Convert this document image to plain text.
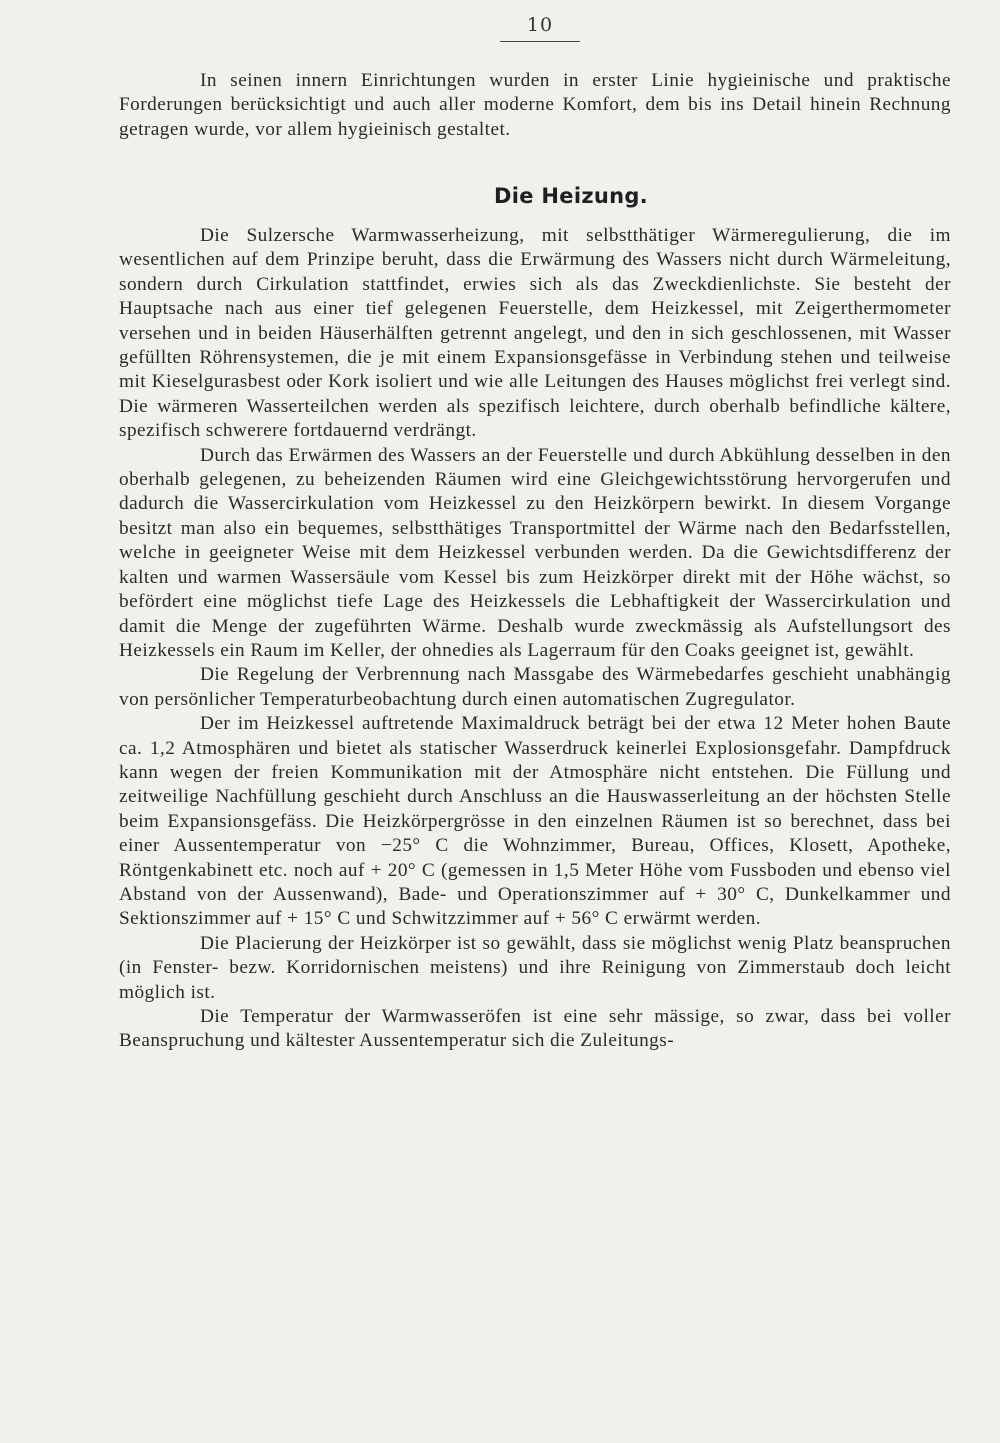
10

In seinen innern Einrichtungen wurden in erster Linie hygieinische und praktische Forderungen berücksichtigt und auch aller moderne Komfort, dem bis ins Detail hinein Rechnung getragen wurde, vor allem hygieinisch gestaltet.

Die Heizung.

Die Sulzersche Warmwasserheizung, mit selbstthätiger Wärmeregulierung, die im wesentlichen auf dem Prinzipe beruht, dass die Erwärmung des Wassers nicht durch Wärmeleitung, sondern durch Cirkulation stattfindet, erwies sich als das Zweckdienlichste. Sie besteht der Hauptsache nach aus einer tief gelegenen Feuerstelle, dem Heizkessel, mit Zeigerthermometer versehen und in beiden Häuserhälften getrennt angelegt, und den in sich geschlossenen, mit Wasser gefüllten Röhrensystemen, die je mit einem Expansionsgefässe in Verbindung stehen und teilweise mit Kieselgurasbest oder Kork isoliert und wie alle Leitungen des Hauses möglichst frei verlegt sind. Die wärmeren Wasserteilchen werden als spezifisch leichtere, durch oberhalb befindliche kältere, spezifisch schwerere fortdauernd verdrängt.

Durch das Erwärmen des Wassers an der Feuerstelle und durch Abkühlung desselben in den oberhalb gelegenen, zu beheizenden Räumen wird eine Gleichgewichtsstörung hervorgerufen und dadurch die Wassercirkulation vom Heizkessel zu den Heizkörpern bewirkt. In diesem Vorgange besitzt man also ein bequemes, selbstthätiges Transportmittel der Wärme nach den Bedarfsstellen, welche in geeigneter Weise mit dem Heizkessel verbunden werden. Da die Gewichtsdifferenz der kalten und warmen Wassersäule vom Kessel bis zum Heizkörper direkt mit der Höhe wächst, so befördert eine möglichst tiefe Lage des Heizkessels die Lebhaftigkeit der Wassercirkulation und damit die Menge der zugeführten Wärme. Deshalb wurde zweckmässig als Aufstellungsort des Heizkessels ein Raum im Keller, der ohnedies als Lagerraum für den Coaks geeignet ist, gewählt.

Die Regelung der Verbrennung nach Massgabe des Wärmebedarfes geschieht unabhängig von persönlicher Temperaturbeobachtung durch einen automatischen Zugregulator.

Der im Heizkessel auftretende Maximaldruck beträgt bei der etwa 12 Meter hohen Baute ca. 1,2 Atmosphären und bietet als statischer Wasserdruck keinerlei Explosionsgefahr. Dampfdruck kann wegen der freien Kommunikation mit der Atmosphäre nicht entstehen. Die Füllung und zeitweilige Nachfüllung geschieht durch Anschluss an die Hauswasserleitung an der höchsten Stelle beim Expansionsgefäss. Die Heizkörpergrösse in den einzelnen Räumen ist so berechnet, dass bei einer Aussentemperatur von −25° C die Wohnzimmer, Bureau, Offices, Klosett, Apotheke, Röntgenkabinett etc. noch auf + 20° C (gemessen in 1,5 Meter Höhe vom Fussboden und ebenso viel Abstand von der Aussenwand), Bade- und Operationszimmer auf + 30° C, Dunkelkammer und Sektionszimmer auf + 15° C und Schwitzzimmer auf + 56° C erwärmt werden.

Die Placierung der Heizkörper ist so gewählt, dass sie möglichst wenig Platz beanspruchen (in Fenster- bezw. Korridornischen meistens) und ihre Reinigung von Zimmerstaub doch leicht möglich ist.

Die Temperatur der Warmwasseröfen ist eine sehr mässige, so zwar, dass bei voller Beanspruchung und kältester Aussentemperatur sich die Zuleitungs-
